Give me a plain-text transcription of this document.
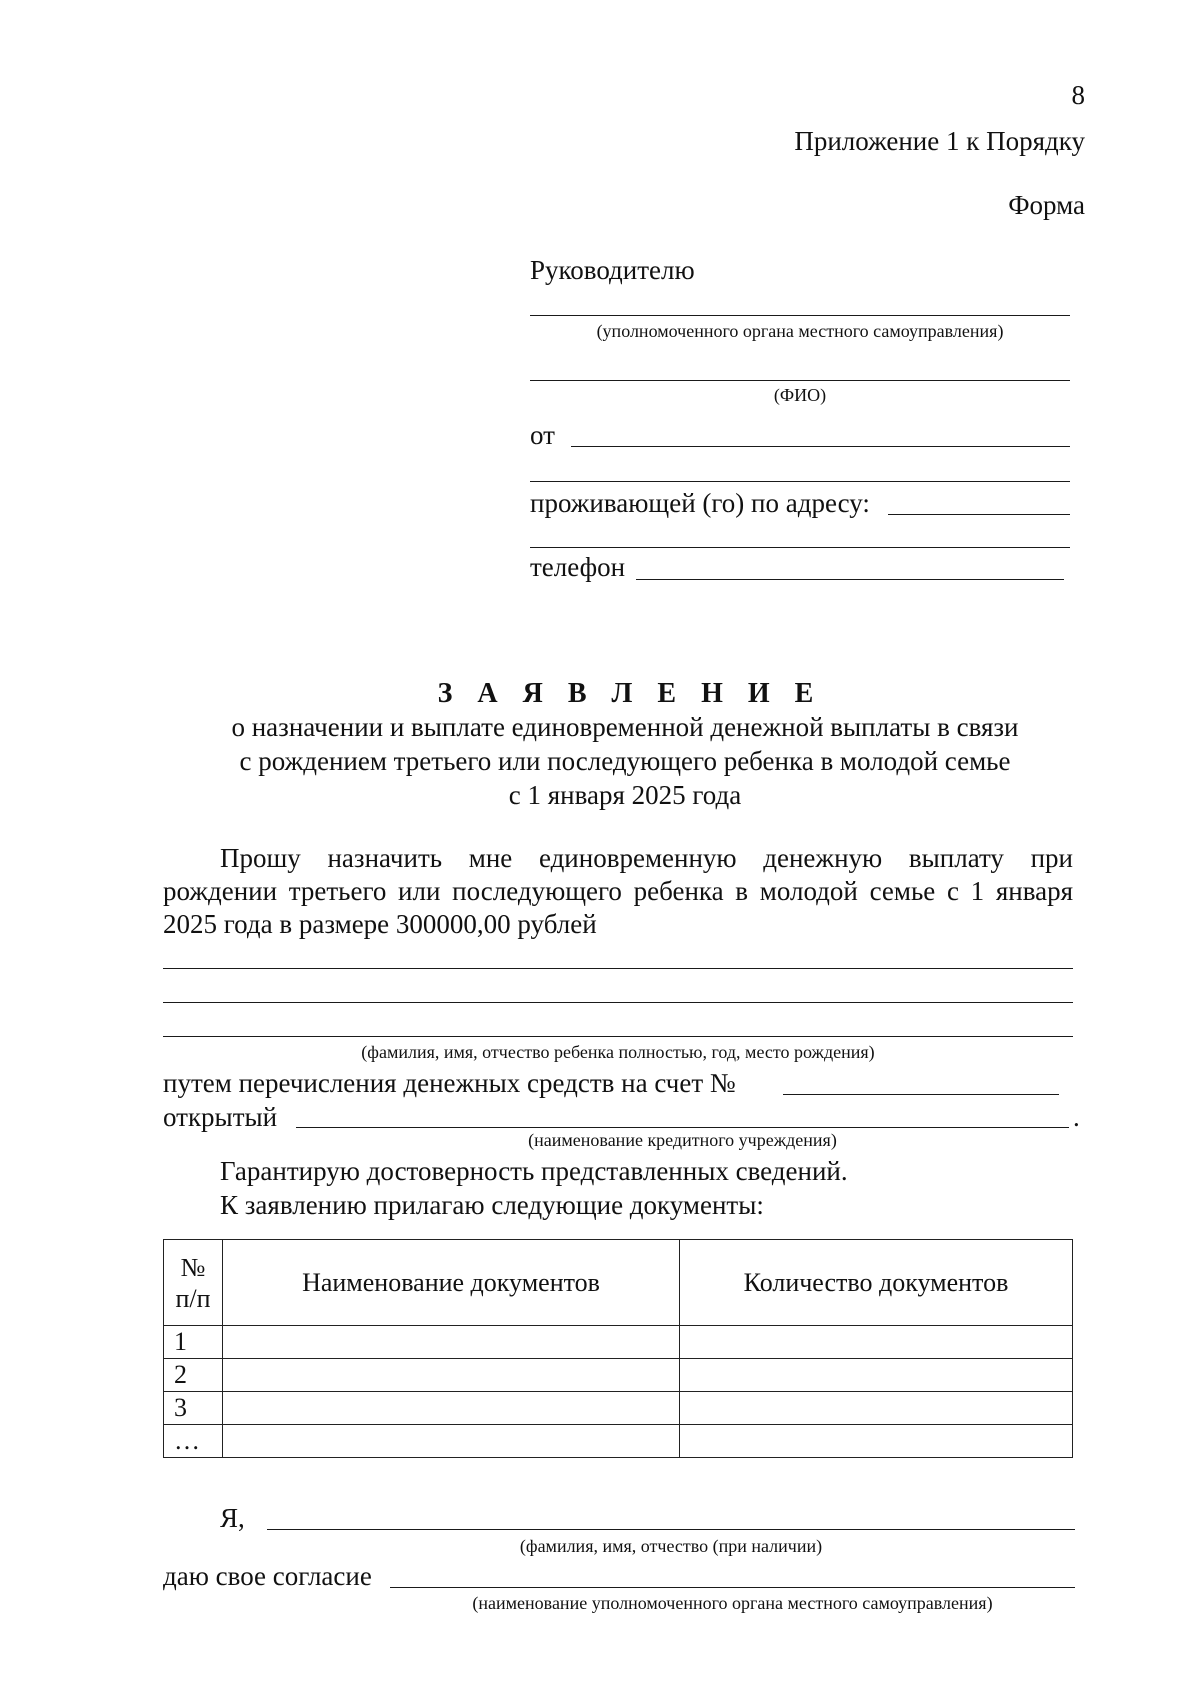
8
Приложение 1 к Порядку
Форма
Руководителю
(уполномоченного органа местного самоуправления)
(ФИО)
от
проживающей (го) по адресу:
телефон
З А Я В Л Е Н И Е
о назначении и выплате единовременной денежной выплаты в связи
с рождением третьего или последующего ребенка в молодой семье
с 1 января 2025 года
Прошу назначить мне единовременную денежную выплату при
рождении третьего или последующего ребенка в молодой семье с 1 января
2025 года в размере 300000,00 рублей
(фамилия, имя, отчество ребенка полностью, год, место рождения)
путем перечисления денежных средств на счет №
открытый	.
(наименование кредитного учреждения)
Гарантирую достоверность представленных сведений.
К заявлению прилагаю следующие документы:
№
п/п	Наименование документов	Количество документов
1		
2		
3		
…		
Я,
(фамилия, имя, отчество (при наличии)
даю свое согласие
(наименование уполномоченного органа местного самоуправления)
